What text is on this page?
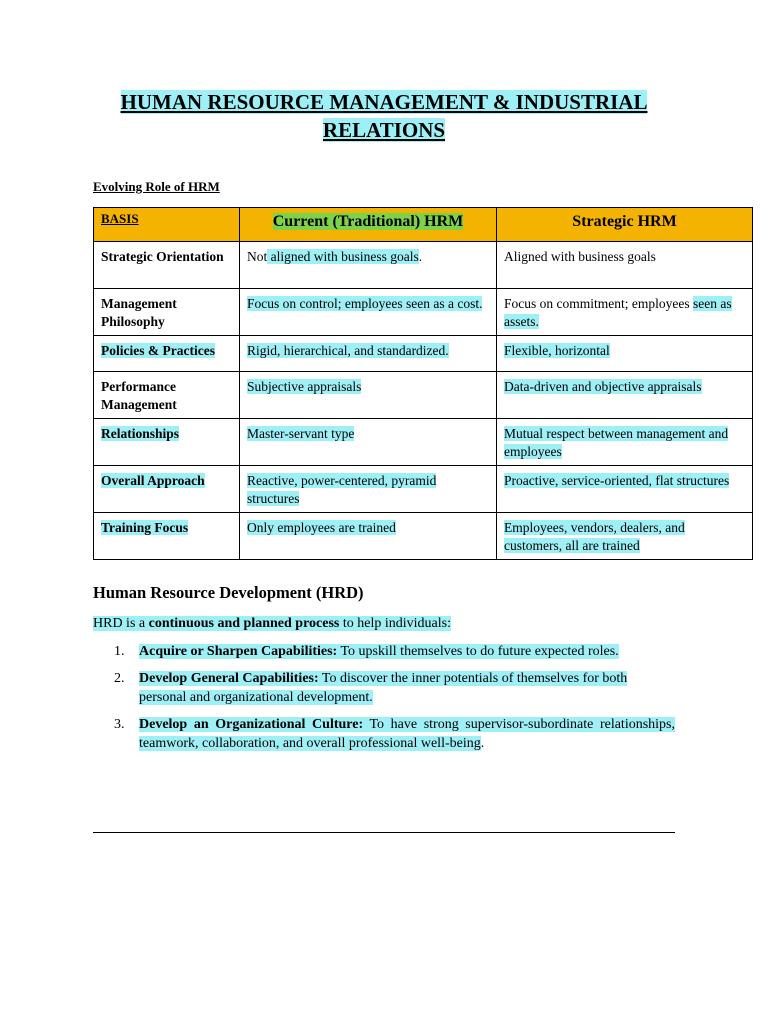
HUMAN RESOURCE MANAGEMENT & INDUSTRIAL
RELATIONS
Evolving Role of HRM
BASIS	Current (Traditional) HRM	Strategic HRM
Strategic Orientation	Not aligned with business goals.	Aligned with business goals
Management Philosophy	Focus on control; employees seen as a cost.	Focus on commitment; employees seen as assets.
Policies & Practices	Rigid, hierarchical, and standardized.	Flexible, horizontal
Performance Management	Subjective appraisals	Data-driven and objective appraisals
Relationships	Master-servant type	Mutual respect between management and employees
Overall Approach	Reactive, power-centered, pyramid structures	Proactive, service-oriented, flat structures
Training Focus	Only employees are trained	Employees, vendors, dealers, and customers, all are trained
Human Resource Development (HRD)

HRD is a continuous and planned process to help individuals:

1. Acquire or Sharpen Capabilities: To upskill themselves to do future expected roles.
2. Develop General Capabilities: To discover the inner potentials of themselves for both personal and organizational development.
3. Develop an Organizational Culture: To have strong supervisor-subordinate relationships, teamwork, collaboration, and overall professional well-being.
